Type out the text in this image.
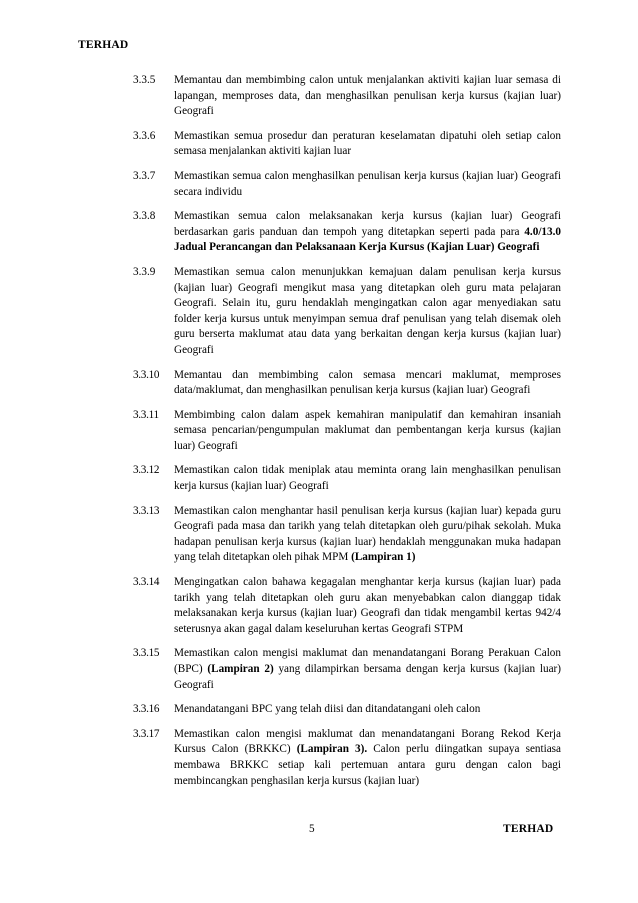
TERHAD
3.3.5	Memantau dan membimbing calon untuk menjalankan aktiviti kajian luar semasa di lapangan, memproses data, dan menghasilkan penulisan kerja kursus (kajian luar) Geografi
3.3.6	Memastikan semua prosedur dan peraturan keselamatan dipatuhi oleh setiap calon semasa menjalankan aktiviti kajian luar
3.3.7	Memastikan semua calon menghasilkan penulisan kerja kursus (kajian luar) Geografi secara individu
3.3.8	Memastikan semua calon melaksanakan kerja kursus (kajian luar) Geografi berdasarkan garis panduan dan tempoh yang ditetapkan seperti pada para 4.0/13.0 Jadual Perancangan dan Pelaksanaan Kerja Kursus (Kajian Luar) Geografi
3.3.9	Memastikan semua calon menunjukkan kemajuan dalam penulisan kerja kursus (kajian luar) Geografi mengikut masa yang ditetapkan oleh guru mata pelajaran Geografi. Selain itu, guru hendaklah mengingatkan calon agar menyediakan satu folder kerja kursus untuk menyimpan semua draf penulisan yang telah disemak oleh guru berserta maklumat atau data yang berkaitan dengan kerja kursus (kajian luar) Geografi
3.3.10	Memantau dan membimbing calon semasa mencari maklumat, memproses data/maklumat, dan menghasilkan penulisan kerja kursus (kajian luar) Geografi
3.3.11	Membimbing calon dalam aspek kemahiran manipulatif dan kemahiran insaniah semasa pencarian/pengumpulan maklumat dan pembentangan kerja kursus (kajian luar) Geografi
3.3.12	Memastikan calon tidak meniplak atau meminta orang lain menghasilkan penulisan kerja kursus (kajian luar) Geografi
3.3.13	Memastikan calon menghantar hasil penulisan kerja kursus (kajian luar) kepada guru Geografi pada masa dan tarikh yang telah ditetapkan oleh guru/pihak sekolah. Muka hadapan penulisan kerja kursus (kajian luar) hendaklah menggunakan muka hadapan yang telah ditetapkan oleh pihak MPM (Lampiran 1)
3.3.14	Mengingatkan calon bahawa kegagalan menghantar kerja kursus (kajian luar) pada tarikh yang telah ditetapkan oleh guru akan menyebabkan calon dianggap tidak melaksanakan kerja kursus (kajian luar) Geografi dan tidak mengambil kertas 942/4 seterusnya akan gagal dalam keseluruhan kertas Geografi STPM
3.3.15	Memastikan calon mengisi maklumat dan menandatangani Borang Perakuan Calon (BPC) (Lampiran 2) yang dilampirkan bersama dengan kerja kursus (kajian luar) Geografi
3.3.16	Menandatangani BPC yang telah diisi dan ditandatangani oleh calon
3.3.17	Memastikan calon mengisi maklumat dan menandatangani Borang Rekod Kerja Kursus Calon (BRKKC) (Lampiran 3). Calon perlu diingatkan supaya sentiasa membawa BRKKC setiap kali pertemuan antara guru dengan calon bagi membincangkan penghasilan kerja kursus (kajian luar)
5	TERHAD
